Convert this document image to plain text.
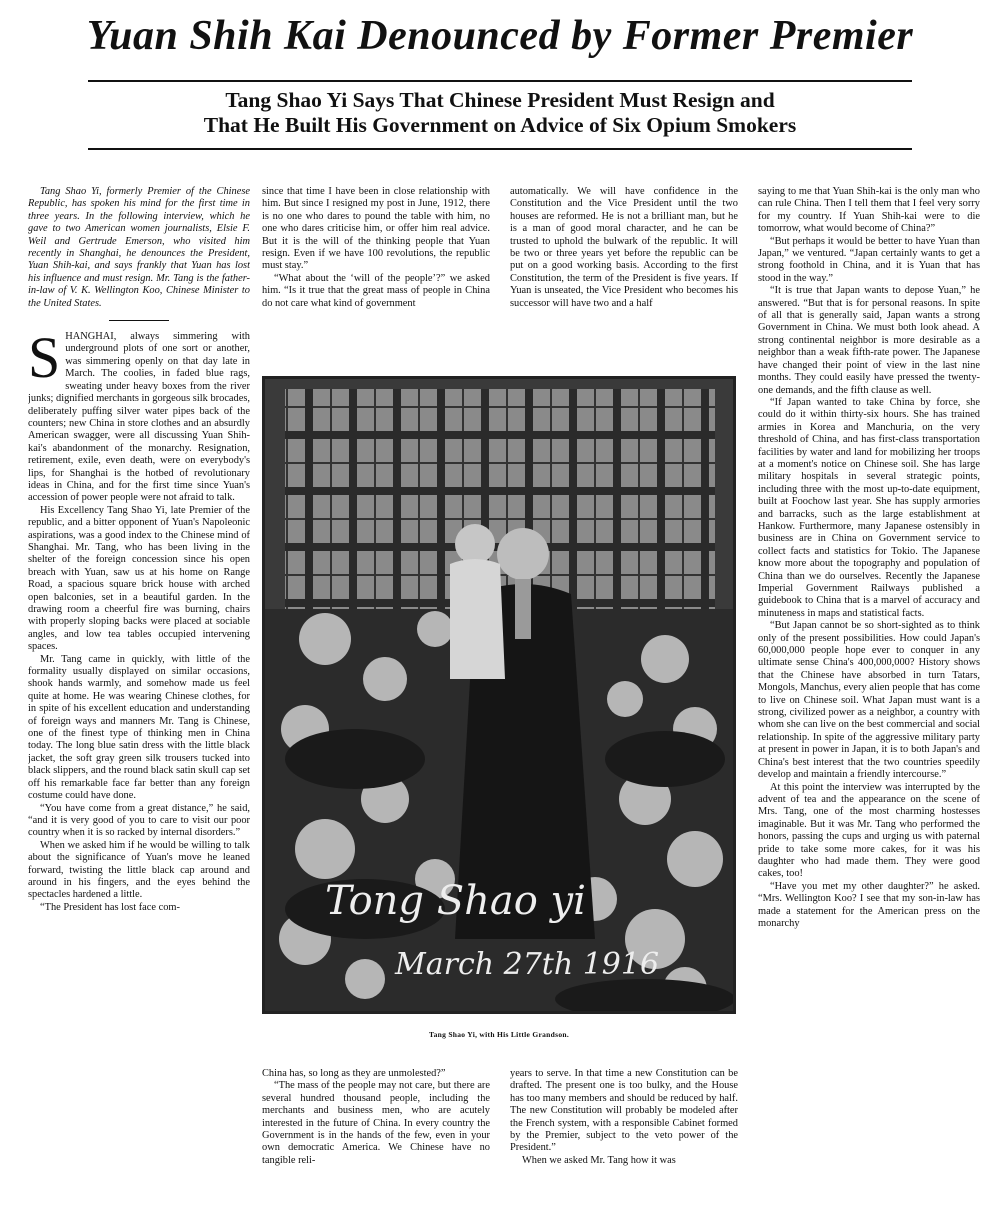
Yuan Shih Kai Denounced by Former Premier
Tang Shao Yi Says That Chinese President Must Resign and
That He Built His Government on Advice of Six Opium Smokers

Tang Shao Yi, formerly Premier of the Chinese Republic, has spoken his mind for the first time in three years. In the following interview, which he gave to two American women journalists, Elsie F. Weil and Gertrude Emerson, who visited him recently in Shanghai, he denounces the President, Yuan Shih-kai, and says frankly that Yuan has lost his influence and must resign. Mr. Tang is the father-in-law of V. K. Wellington Koo, Chinese Minister to the United States.

SHANGHAI, always simmering with underground plots of one sort or another, was simmering openly on that day late in March. The coolies, in faded blue rags, sweating under heavy boxes from the river junks; dignified merchants in gorgeous silk brocades, deliberately puffing silver water pipes back of the counters; new China in store clothes and an absurdly American swagger, were all discussing Yuan Shih-kai's abandonment of the monarchy. Resignation, retirement, exile, even death, were on everybody's lips, for Shanghai is the hotbed of revolutionary ideas in China, and for the first time since Yuan's accession of power people were not afraid to talk.

His Excellency Tang Shao Yi, late Premier of the republic, and a bitter opponent of Yuan's Napoleonic aspirations, was a good index to the Chinese mind of Shanghai. Mr. Tang, who has been living in the shelter of the foreign concession since his open breach with Yuan, saw us at his home on Range Road, a spacious square brick house with arched open balconies, set in a beautiful garden. In the drawing room a cheerful fire was burning, chairs with properly sloping backs were placed at sociable angles, and low tea tables occupied intervening spaces.

Mr. Tang came in quickly, with little of the formality usually displayed on similar occasions, shook hands warmly, and somehow made us feel quite at home. He was wearing Chinese clothes, for in spite of his excellent education and understanding of foreign ways and manners Mr. Tang is Chinese, one of the finest type of thinking men in China today. The long blue satin dress with the little black jacket, the soft gray green silk trousers tucked into black slippers, and the round black satin skull cap set off his remarkable face far better than any foreign costume could have done.

“You have come from a great distance,” he said, “and it is very good of you to care to visit our poor country when it is so racked by internal disorders.”

When we asked him if he would be willing to talk about the significance of Yuan's move he leaned forward, twisting the little black cap around and around in his fingers, and the eyes behind the spectacles hardened a little.

“The President has lost face com-

since that time I have been in close relationship with him. But since I resigned my post in June, 1912, there is no one who dares to pound the table with him, no one who dares criticise him, or offer him real advice. But it is the will of the thinking people that Yuan resign. Even if we have 100 revolutions, the republic must stay.”

“What about the ‘will of the people’?” we asked him. “Is it true that the great mass of people in China do not care what kind of government

automatically. We will have confidence in the Constitution and the Vice President until the two houses are reformed. He is not a brilliant man, but he is a man of good moral character, and he can be trusted to uphold the bulwark of the republic. It will be two or three years yet before the republic can be put on a good working basis. According to the first Constitution, the term of the President is five years. If Yuan is unseated, the Vice President who becomes his successor will have two and a half

saying to me that Yuan Shih-kai is the only man who can rule China. Then I tell them that I feel very sorry for my country. If Yuan Shih-kai were to die tomorrow, what would become of China?”

“But perhaps it would be better to have Yuan than Japan,” we ventured. “Japan certainly wants to get a strong foothold in China, and it is Yuan that has stood in the way.”

“It is true that Japan wants to depose Yuan,” he answered. “But that is for personal reasons. In spite of all that is generally said, Japan wants a strong Government in China. We must both look ahead. A strong continental neighbor is more desirable as a neighbor than a weak fifth-rate power. The Japanese have changed their point of view in the last nine months. They could easily have pressed the twenty-one demands, and the fifth clause as well.

“If Japan wanted to take China by force, she could do it within thirty-six hours. She has trained armies in Korea and Manchuria, on the very threshold of China, and has first-class transportation facilities by water and land for mobilizing her troops at a moment's notice on Chinese soil. She has large military hospitals in several strategic points, including three with the most up-to-date equipment, built at Foochow last year. She has supply armories and barracks, such as the large establishment at Hankow. Furthermore, many Japanese ostensibly in business are in China on Government service to collect facts and statistics for Tokio. The Japanese know more about the topography and population of China than we do ourselves. Recently the Japanese Imperial Government Railways published a guidebook to China that is a marvel of accuracy and minuteness in maps and statistical facts.

“But Japan cannot be so short-sighted as to think only of the present possibilities. How could Japan's 60,000,000 people hope ever to conquer in any ultimate sense China's 400,000,000? History shows that the Chinese have absorbed in turn Tatars, Mongols, Manchus, every alien people that has come to live on Chinese soil. What Japan must want is a strong, civilized power as a neighbor, a country with whom she can live on the best commercial and social relationship. In spite of the aggressive military party at present in power in Japan, it is to both Japan's and China's best interest that the two countries speedily develop and maintain a friendly intercourse.”

At this point the interview was interrupted by the advent of tea and the appearance on the scene of Mrs. Tang, one of the most charming hostesses imaginable. But it was Mr. Tang who performed the honors, passing the cups and urging us with paternal pride to take some more cakes, for it was his daughter who had made them. They were good cakes, too!

“Have you met my other daughter?” he asked. “Mrs. Wellington Koo? I see that my son-in-law has made a statement for the American press on the monarchy

Tong Shao yi
March 27th 1916
Tang Shao Yi, with His Little Grandson.

China has, so long as they are unmolested?”

“The mass of the people may not care, but there are several hundred thousand people, including the merchants and business men, who are acutely interested in the future of China. In every country the Government is in the hands of the few, even in your own democratic America. We Chinese have no tangible reli-

years to serve. In that time a new Constitution can be drafted. The present one is too bulky, and the House has too many members and should be reduced by half. The new Constitution will probably be modeled after the French system, with a responsible Cabinet formed by the Premier, subject to the veto power of the President.”

When we asked Mr. Tang how it was
